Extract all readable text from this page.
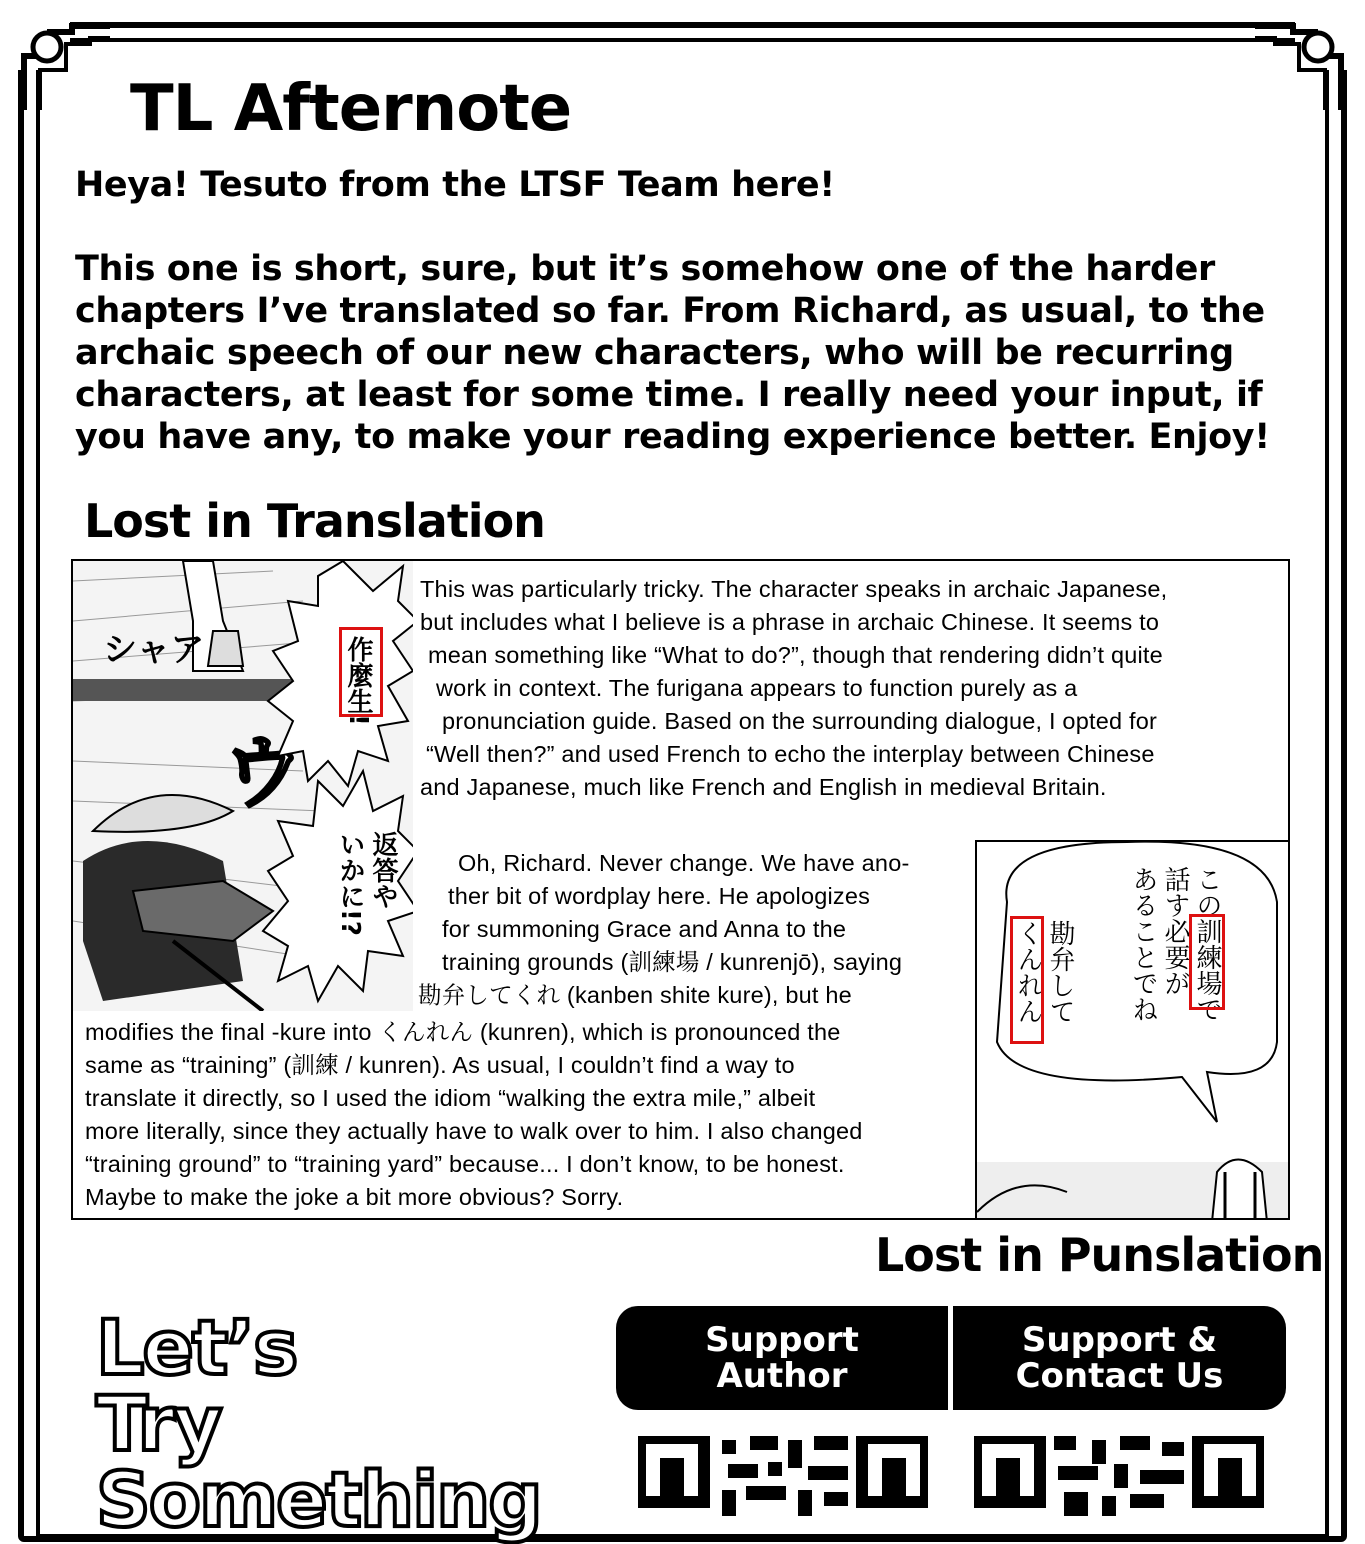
TL Afternote

Heya! Tesuto from the LTSF Team here!

This one is short, sure, but it’s somehow one of the harder chapters I’ve translated so far. From Richard, as usual, to the archaic speech of our new characters, who will be recurring characters, at least for some time. I really need your input, if you have any, to make your reading experience better. Enjoy!

Lost in Translation
シャア
ウ
作麼生!
返答や
いかに!?
This was particularly tricky. The character speaks in archaic Japanese,
but includes what I believe is a phrase in archaic Chinese. It seems to
mean something like “What to do?”, though that rendering didn’t quite
work in context. The furigana appears to function purely as a
pronunciation guide. Based on the surrounding dialogue, I opted for
“Well then?” and used French to echo the interplay between Chinese
and Japanese, much like French and English in medieval Britain.
Oh, Richard. Never change. We have ano-
ther bit of wordplay here. He apologizes
for summoning Grace and Anna to the
training grounds (訓練場 / kunrenjō), saying
勘弁してくれ (kanben shite kure), but he
modifies the final -kure into くんれん (kunren), which is pronounced the
same as “training” (訓練 / kunren). As usual, I couldn’t find a way to
translate it directly, so I used the idiom “walking the extra mile,” albeit
more literally, since they actually have to walk over to him. I also changed
“training ground” to “training yard” because... I don’t know, to be honest.
Maybe to make the joke a bit more obvious? Sorry.
この訓練場で
話す必要が
あることでね
勘弁して
くんれん
Lost in Punslation
Let’s
Try
Something
Support
Author
Support &
Contact Us
